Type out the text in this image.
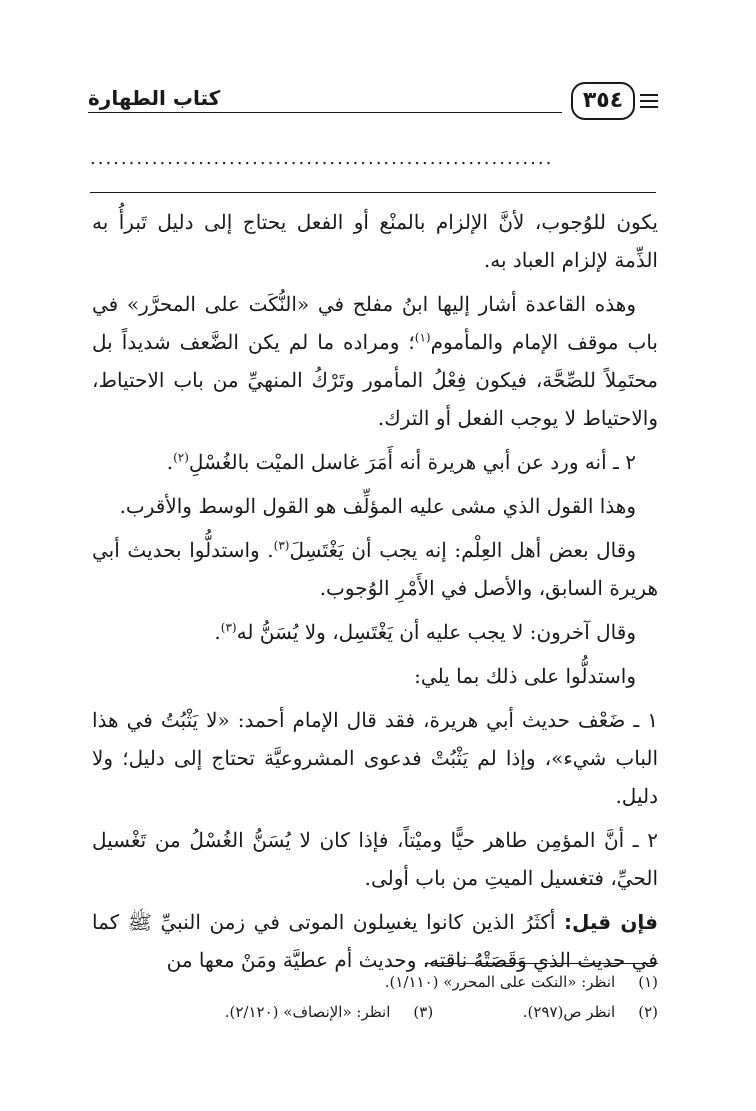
كتاب الطهارة	٣٥٤
............................................................

يكون للوُجوب، لأنَّ الإلزام بالمنْع أو الفعل يحتاج إلى دليل تَبرأُ به الذِّمة لإلزام العباد به.

وهذه القاعدة أشار إليها ابنُ مفلح في «النُّكَت على المحرَّر» في باب موقف الإمام والمأموم$^{(١)}$؛ ومراده ما لم يكن الضَّعف شديداً بل محتَمِلاً للصِّحَّة، فيكون فِعْلُ المأمور وتَرْكُ المنهيِّ من باب الاحتياط، والاحتياط لا يوجب الفعل أو الترك.

٢ ـ أنه ورد عن أبي هريرة أنه أَمَرَ غاسل الميْت بالغُسْلِ$^{(٢)}$.

وهذا القول الذي مشى عليه المؤلِّف هو القول الوسط والأقرب.

وقال بعض أهل العِلْم: إنه يجب أن يَغْتَسِلَ$^{(٣)}$. واستدلُّوا بحديث أبي هريرة السابق، والأصل في الأَمْرِ الوُجوب.

وقال آخرون: لا يجب عليه أن يَغْتَسِل، ولا يُسَنُّ له$^{(٣)}$.

واستدلُّوا على ذلك بما يلي:

١ ـ ضَعْف حديث أبي هريرة، فقد قال الإمام أحمد: «لا يَثْبُتُ في هذا الباب شيء»، وإذا لم يَثْبُتْ فدعوى المشروعيَّة تحتاج إلى دليل؛ ولا دليل.

٢ ـ أنَّ المؤمِن طاهر حيًّا وميْتاً، فإذا كان لا يُسَنُّ الغُسْلُ من تَغْسيل الحيِّ، فتغسيل الميتِ من باب أولى.

فإن قيل: أكثَرُ الذين كانوا يغسِلون الموتى في زمن النبيِّ ﷺ كما في حديث الذي وَقَصَتْهُ ناقته، وحديث أم عطيَّة ومَنْ معها من

(١) انظر: «النكت على المحرر» (١/١١٠).
(٢) انظر ص(٢٩٧).  (٣) انظر: «الإنصاف» (٢/١٢٠).
